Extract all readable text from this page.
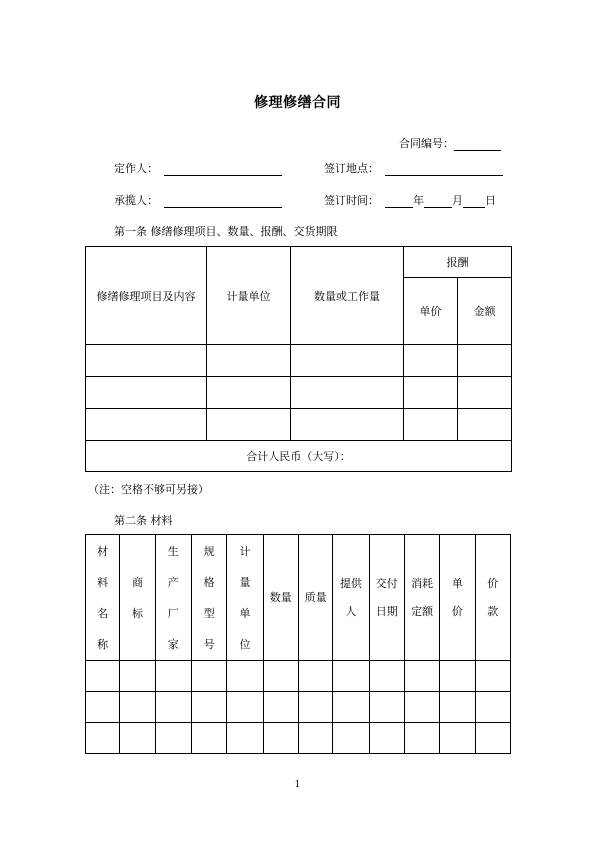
修理修缮合同
合同编号：
定作人：	签订地点：
承揽人：	签订时间：	年	月 日
第一条 修缮修理项目、数量、报酬、交货期限
修缮修理项目及内容	计量单位	数量或工作量	报酬	
			单价	金额

合计人民币（大写）：				
（注：空格不够可另接）
第二条 材料
材料名称	商标	生产厂家	规格型号	计量单位	数量	质量	提供人	交付日期	消耗定额	单价	价款

1
